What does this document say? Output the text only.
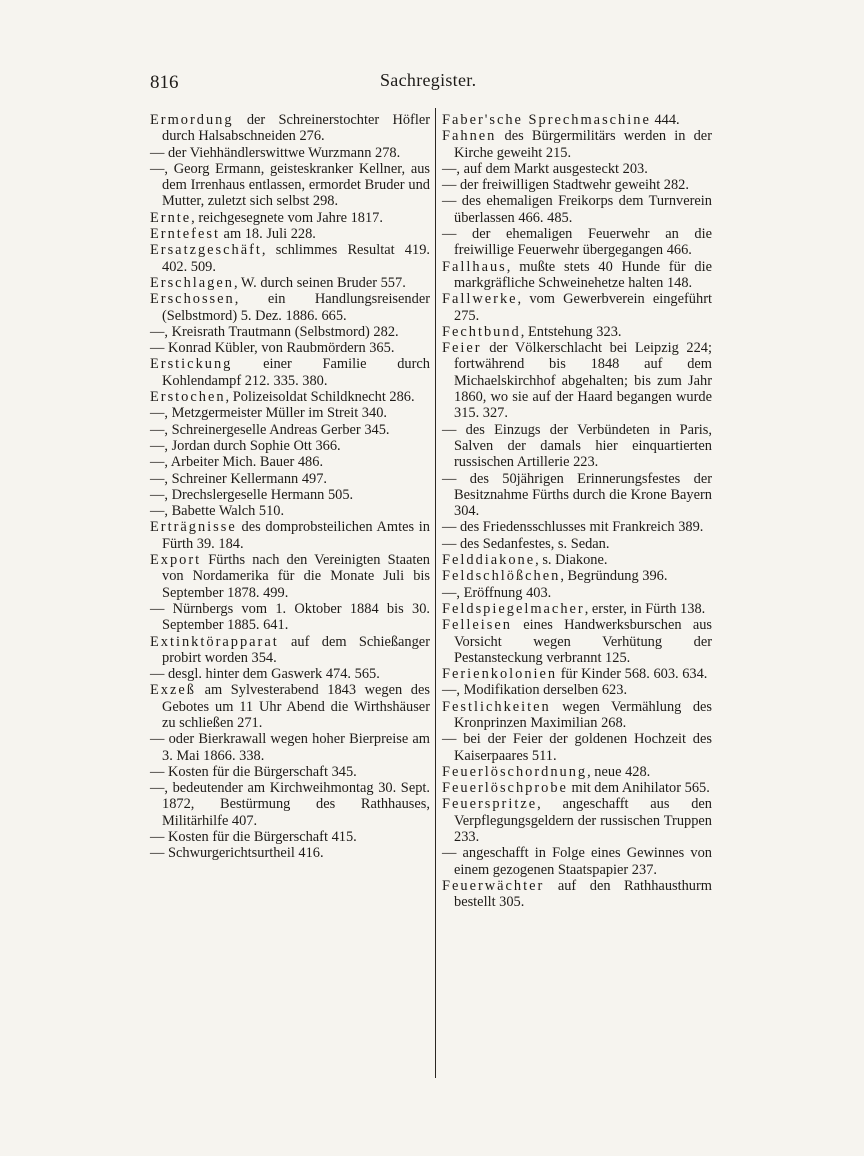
816	Sachregister.

Ermordung der Schreinerstochter Höfler durch Halsabschneiden 276.

— der Viehhändlerswittwe Wurzmann 278.

—, Georg Ermann, geisteskranker Kellner, aus dem Irrenhaus entlassen, ermordet Bruder und Mutter, zuletzt sich selbst 298.

Ernte, reichgesegnete vom Jahre 1817.

Erntefest am 18. Juli 228.

Ersatzgeschäft, schlimmes Resultat 419. 402. 509.

Erschlagen, W. durch seinen Bruder 557.

Erschossen, ein Handlungsreisender (Selbstmord) 5. Dez. 1886. 665.

—, Kreisrath Trautmann (Selbstmord) 282.

— Konrad Kübler, von Raubmördern 365.

Erstickung einer Familie durch Kohlendampf 212. 335. 380.

Erstochen, Polizeisoldat Schildknecht 286.

—, Metzgermeister Müller im Streit 340.

—, Schreinergeselle Andreas Gerber 345.

—, Jordan durch Sophie Ott 366.

—, Arbeiter Mich. Bauer 486.

—, Schreiner Kellermann 497.

—, Drechslergeselle Hermann 505.

—, Babette Walch 510.

Erträgnisse des domprobsteilichen Amtes in Fürth 39. 184.

Export Fürths nach den Vereinigten Staaten von Nordamerika für die Monate Juli bis September 1878. 499.

— Nürnbergs vom 1. Oktober 1884 bis 30. September 1885. 641.

Extinktörapparat auf dem Schießanger probirt worden 354.

— desgl. hinter dem Gaswerk 474. 565.

Exzeß am Sylvesterabend 1843 wegen des Gebotes um 11 Uhr Abend die Wirthshäuser zu schließen 271.

— oder Bierkrawall wegen hoher Bierpreise am 3. Mai 1866. 338.

— Kosten für die Bürgerschaft 345.

—, bedeutender am Kirchweihmontag 30. Sept. 1872, Bestürmung des Rathhauses, Militärhilfe 407.

— Kosten für die Bürgerschaft 415.

— Schwurgerichtsurtheil 416.

Faber'sche Sprechmaschine 444.

Fahnen des Bürgermilitärs werden in der Kirche geweiht 215.

—, auf dem Markt ausgesteckt 203.

— der freiwilligen Stadtwehr geweiht 282.

— des ehemaligen Freikorps dem Turnverein überlassen 466. 485.

— der ehemaligen Feuerwehr an die freiwillige Feuerwehr übergegangen 466.

Fallhaus, mußte stets 40 Hunde für die markgräfliche Schweinehetze halten 148.

Fallwerke, vom Gewerbverein eingeführt 275.

Fechtbund, Entstehung 323.

Feier der Völkerschlacht bei Leipzig 224; fortwährend bis 1848 auf dem Michaelskirchhof abgehalten; bis zum Jahr 1860, wo sie auf der Haard begangen wurde 315. 327.

— des Einzugs der Verbündeten in Paris, Salven der damals hier einquartierten russischen Artillerie 223.

— des 50jährigen Erinnerungsfestes der Besitznahme Fürths durch die Krone Bayern 304.

— des Friedensschlusses mit Frankreich 389.

— des Sedanfestes, s. Sedan.

Felddiakone, s. Diakone.

Feldschlößchen, Begründung 396.

—, Eröffnung 403.

Feldspiegelmacher, erster, in Fürth 138.

Felleisen eines Handwerksburschen aus Vorsicht wegen Verhütung der Pestansteckung verbrannt 125.

Ferienkolonien für Kinder 568. 603. 634.

—, Modifikation derselben 623.

Festlichkeiten wegen Vermählung des Kronprinzen Maximilian 268.

— bei der Feier der goldenen Hochzeit des Kaiserpaares 511.

Feuerlöschordnung, neue 428.

Feuerlöschprobe mit dem Anihilator 565.

Feuerspritze, angeschafft aus den Verpflegungsgeldern der russischen Truppen 233.

— angeschafft in Folge eines Gewinnes von einem gezogenen Staatspapier 237.

Feuerwächter auf den Rathhausthurm bestellt 305.
